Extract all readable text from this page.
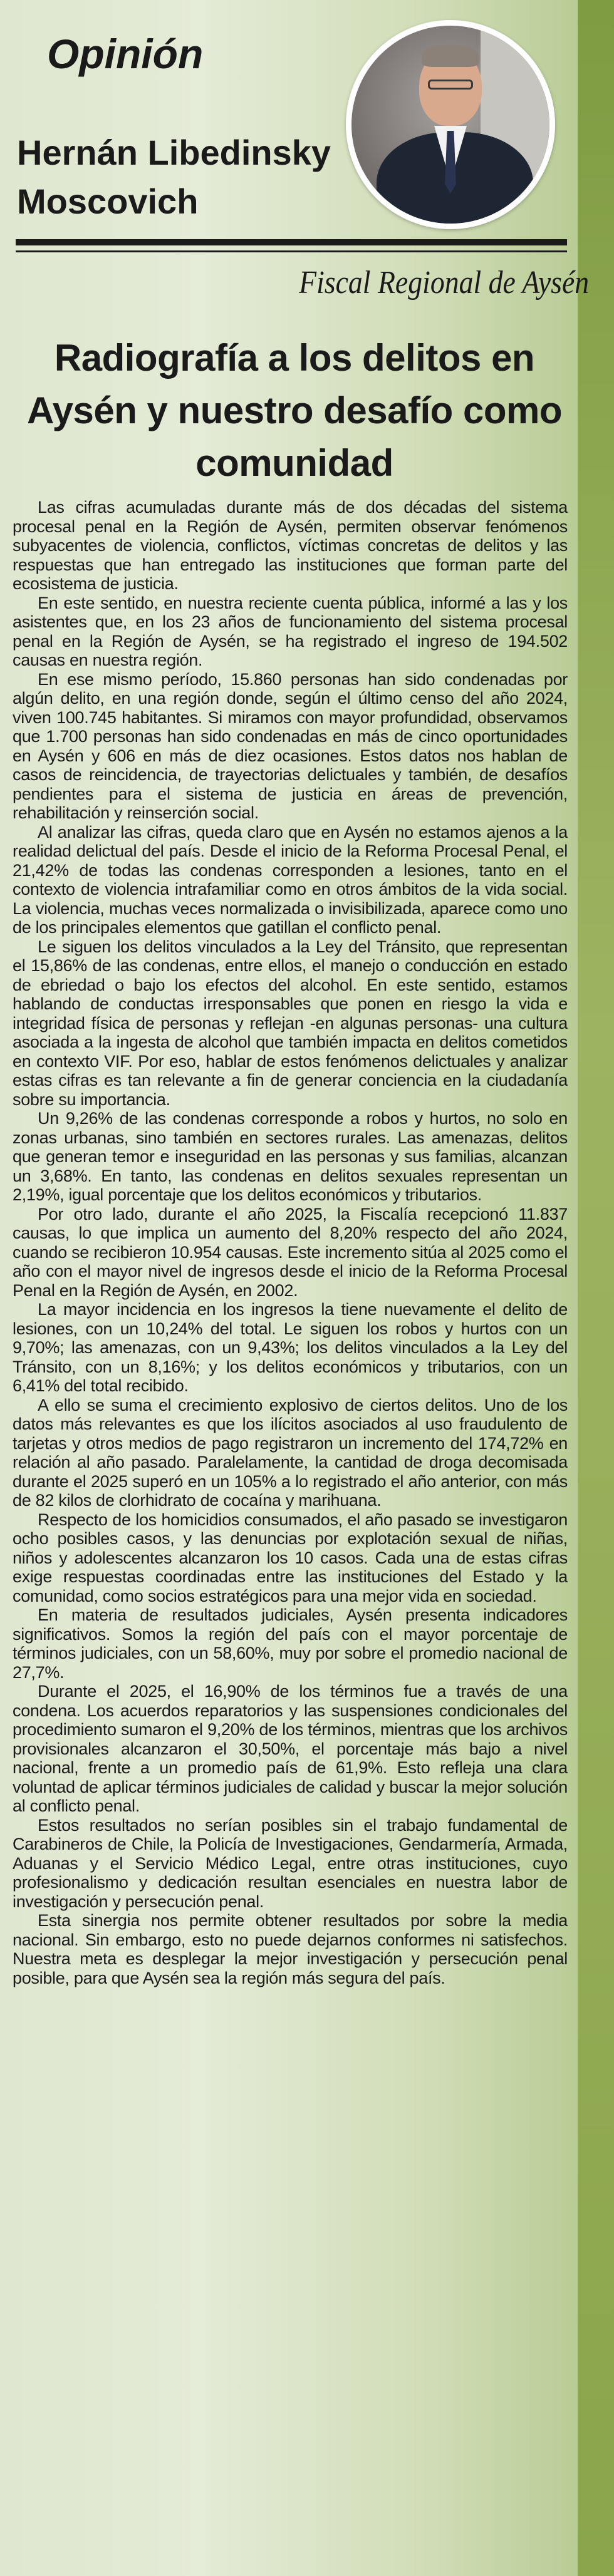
Opinión
Hernán Libedinsky
Moscovich
Fiscal Regional de Aysén
Radiografía a los delitos en Aysén y nuestro desafío como comunidad

Las cifras acumuladas durante más de dos décadas del sistema procesal penal en la Región de Aysén, permiten observar fenómenos subyacentes de violencia, conflictos, víctimas concretas de delitos y las respuestas que han entregado las instituciones que forman parte del ecosistema de justicia.

En este sentido, en nuestra reciente cuenta pública, informé a las y los asistentes que, en los 23 años de funcionamiento del sistema procesal penal en la Región de Aysén, se ha registrado el ingreso de 194.502 causas en nuestra región.

En ese mismo período, 15.860 personas han sido condenadas por algún delito, en una región donde, según el último censo del año 2024, viven 100.745 habitantes. Si miramos con mayor profundidad, observamos que 1.700 personas han sido condenadas en más de cinco oportunidades en Aysén y 606 en más de diez ocasiones. Estos datos nos hablan de casos de reincidencia, de trayectorias delictuales y también, de desafíos pendientes para el sistema de justicia en áreas de prevención, rehabilitación y reinserción social.

Al analizar las cifras, queda claro que en Aysén no estamos ajenos a la realidad delictual del país. Desde el inicio de la Reforma Procesal Penal, el 21,42% de todas las condenas corresponden a lesiones, tanto en el contexto de violencia intrafamiliar como en otros ámbitos de la vida social. La violencia, muchas veces normalizada o invisibilizada, aparece como uno de los principales elementos que gatillan el conflicto penal.

Le siguen los delitos vinculados a la Ley del Tránsito, que representan el 15,86% de las condenas, entre ellos, el manejo o conducción en estado de ebriedad o bajo los efectos del alcohol. En este sentido, estamos hablando de conductas irresponsables que ponen en riesgo la vida e integridad física de personas y reflejan -en algunas personas- una cultura asociada a la ingesta de alcohol que también impacta en delitos cometidos en contexto VIF. Por eso, hablar de estos fenómenos delictuales y analizar estas cifras es tan relevante a fin de generar conciencia en la ciudadanía sobre su importancia.

Un 9,26% de las condenas corresponde a robos y hurtos, no solo en zonas urbanas, sino también en sectores rurales. Las amenazas, delitos que generan temor e inseguridad en las personas y sus familias, alcanzan un 3,68%. En tanto, las condenas en delitos sexuales representan un 2,19%, igual porcentaje que los delitos económicos y tributarios.

Por otro lado, durante el año 2025, la Fiscalía recepcionó 11.837 causas, lo que implica un aumento del 8,20% respecto del año 2024, cuando se recibieron 10.954 causas. Este incremento sitúa al 2025 como el año con el mayor nivel de ingresos desde el inicio de la Reforma Procesal Penal en la Región de Aysén, en 2002.

La mayor incidencia en los ingresos la tiene nuevamente el delito de lesiones, con un 10,24% del total. Le siguen los robos y hurtos con un 9,70%; las amenazas, con un 9,43%; los delitos vinculados a la Ley del Tránsito, con un 8,16%; y los delitos económicos y tributarios, con un 6,41% del total recibido.

A ello se suma el crecimiento explosivo de ciertos delitos. Uno de los datos más relevantes es que los ilícitos asociados al uso fraudulento de tarjetas y otros medios de pago registraron un incremento del 174,72% en relación al año pasado. Paralelamente, la cantidad de droga decomisada durante el 2025 superó en un 105% a lo registrado el año anterior, con más de 82 kilos de clorhidrato de cocaína y marihuana.

Respecto de los homicidios consumados, el año pasado se investigaron ocho posibles casos, y las denuncias por explotación sexual de niñas, niños y adolescentes alcanzaron los 10 casos. Cada una de estas cifras exige respuestas coordinadas entre las instituciones del Estado y la comunidad, como socios estratégicos para una mejor vida en sociedad.

En materia de resultados judiciales, Aysén presenta indicadores significativos. Somos la región del país con el mayor porcentaje de términos judiciales, con un 58,60%, muy por sobre el promedio nacional de 27,7%.

Durante el 2025, el 16,90% de los términos fue a través de una condena. Los acuerdos reparatorios y las suspensiones condicionales del procedimiento sumaron el 9,20% de los términos, mientras que los archivos provisionales alcanzaron el 30,50%, el porcentaje más bajo a nivel nacional, frente a un promedio país de 61,9%. Esto refleja una clara voluntad de aplicar términos judiciales de calidad y buscar la mejor solución al conflicto penal.

Estos resultados no serían posibles sin el trabajo fundamental de Carabineros de Chile, la Policía de Investigaciones, Gendarmería, Armada, Aduanas y el Servicio Médico Legal, entre otras instituciones, cuyo profesionalismo y dedicación resultan esenciales en nuestra labor de investigación y persecución penal.

Esta sinergia nos permite obtener resultados por sobre la media nacional. Sin embargo, esto no puede dejarnos conformes ni satisfechos. Nuestra meta es desplegar la mejor investigación y persecución penal posible, para que Aysén sea la región más segura del país.
